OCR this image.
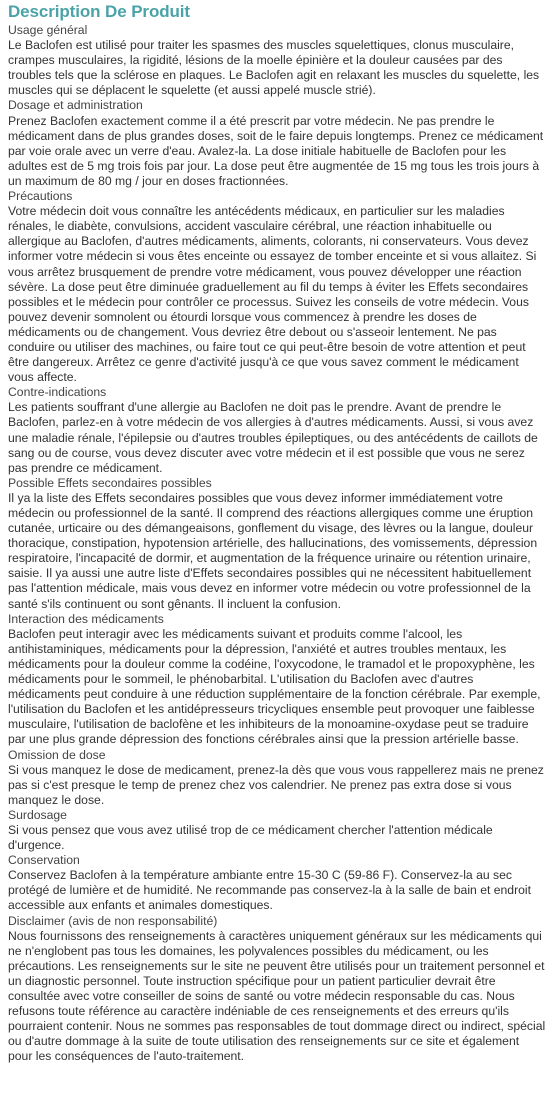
Description De Produit

Usage général

Le Baclofen est utilisé pour traiter les spasmes des muscles squelettiques, clonus musculaire, crampes musculaires, la rigidité, lésions de la moelle épinière et la douleur causées par des troubles tels que la sclérose en plaques. Le Baclofen agit en relaxant les muscles du squelette, les muscles qui se déplacent le squelette (et aussi appelé muscle strié).

Dosage et administration

Prenez Baclofen exactement comme il a été prescrit par votre médecin. Ne pas prendre le médicament dans de plus grandes doses, soit de le faire depuis longtemps. Prenez ce médicament par voie orale avec un verre d'eau. Avalez-la. La dose initiale habituelle de Baclofen pour les adultes est de 5 mg trois fois par jour. La dose peut être augmentée de 15 mg tous les trois jours à un maximum de 80 mg / jour en doses fractionnées.

Précautions

Votre médecin doit vous connaître les antécédents médicaux, en particulier sur les maladies rénales, le diabète, convulsions, accident vasculaire cérébral, une réaction inhabituelle ou allergique au Baclofen, d'autres médicaments, aliments, colorants, ni conservateurs. Vous devez informer votre médecin si vous êtes enceinte ou essayez de tomber enceinte et si vous allaitez. Si vous arrêtez brusquement de prendre votre médicament, vous pouvez développer une réaction sévère. La dose peut être diminuée graduellement au fil du temps à éviter les Effets secondaires possibles et le médecin pour contrôler ce processus. Suivez les conseils de votre médecin. Vous pouvez devenir somnolent ou étourdi lorsque vous commencez à prendre les doses de médicaments ou de changement. Vous devriez être debout ou s'asseoir lentement. Ne pas conduire ou utiliser des machines, ou faire tout ce qui peut-être besoin de votre attention et peut être dangereux. Arrêtez ce genre d'activité jusqu'à ce que vous savez comment le médicament vous affecte.

Contre-indications

Les patients souffrant d'une allergie au Baclofen ne doit pas le prendre. Avant de prendre le Baclofen, parlez-en à votre médecin de vos allergies à d'autres médicaments. Aussi, si vous avez une maladie rénale, l'épilepsie ou d'autres troubles épileptiques, ou des antécédents de caillots de sang ou de course, vous devez discuter avec votre médecin et il est possible que vous ne serez pas prendre ce médicament.

Possible Effets secondaires possibles

Il ya la liste des Effets secondaires possibles que vous devez informer immédiatement votre médecin ou professionnel de la santé. Il comprend des réactions allergiques comme une éruption cutanée, urticaire ou des démangeaisons, gonflement du visage, des lèvres ou la langue, douleur thoracique, constipation, hypotension artérielle, des hallucinations, des vomissements, dépression respiratoire, l'incapacité de dormir, et augmentation de la fréquence urinaire ou rétention urinaire, saisie. Il ya aussi une autre liste d'Effets secondaires possibles qui ne nécessitent habituellement pas l'attention médicale, mais vous devez en informer votre médecin ou votre professionnel de la santé s'ils continuent ou sont gênants. Il incluent la confusion.

Interaction des médicaments

Baclofen peut interagir avec les médicaments suivant et produits comme l'alcool, les antihistaminiques, médicaments pour la dépression, l'anxiété et autres troubles mentaux, les médicaments pour la douleur comme la codéine, l'oxycodone, le tramadol et le propoxyphène, les médicaments pour le sommeil, le phénobarbital. L'utilisation du Baclofen avec d'autres médicaments peut conduire à une réduction supplémentaire de la fonction cérébrale. Par exemple, l'utilisation du Baclofen et les antidépresseurs tricycliques ensemble peut provoquer une faiblesse musculaire, l'utilisation de baclofène et les inhibiteurs de la monoamine-oxydase peut se traduire par une plus grande dépression des fonctions cérébrales ainsi que la pression artérielle basse.

Omission de dose

Si vous manquez le dose de medicament, prenez-la dès que vous vous rappellerez mais ne prenez pas si c'est presque le temp de prenez chez vos calendrier. Ne prenez pas extra dose si vous manquez le dose.

Surdosage

Si vous pensez que vous avez utilisé trop de ce médicament chercher l'attention médicale d'urgence.

Conservation

Conservez Baclofen à la température ambiante entre 15-30 C (59-86 F). Conservez-la au sec protégé de lumière et de humidité. Ne recommande pas conservez-la à la salle de bain et endroit accessible aux enfants et animales domestiques.

Disclaimer (avis de non responsabilité)

Nous fournissons des renseignements à caractères uniquement généraux sur les médicaments qui ne n'englobent pas tous les domaines, les polyvalences possibles du médicament, ou les précautions. Les renseignements sur le site ne peuvent être utilisés pour un traitement personnel et un diagnostic personnel. Toute instruction spécifique pour un patient particulier devrait être consultée avec votre conseiller de soins de santé ou votre médecin responsable du cas. Nous refusons toute référence au caractère indéniable de ces renseignements et des erreurs qu'ils pourraient contenir. Nous ne sommes pas responsables de tout dommage direct ou indirect, spécial ou d'autre dommage à la suite de toute utilisation des renseignements sur ce site et également pour les conséquences de l'auto-traitement.
